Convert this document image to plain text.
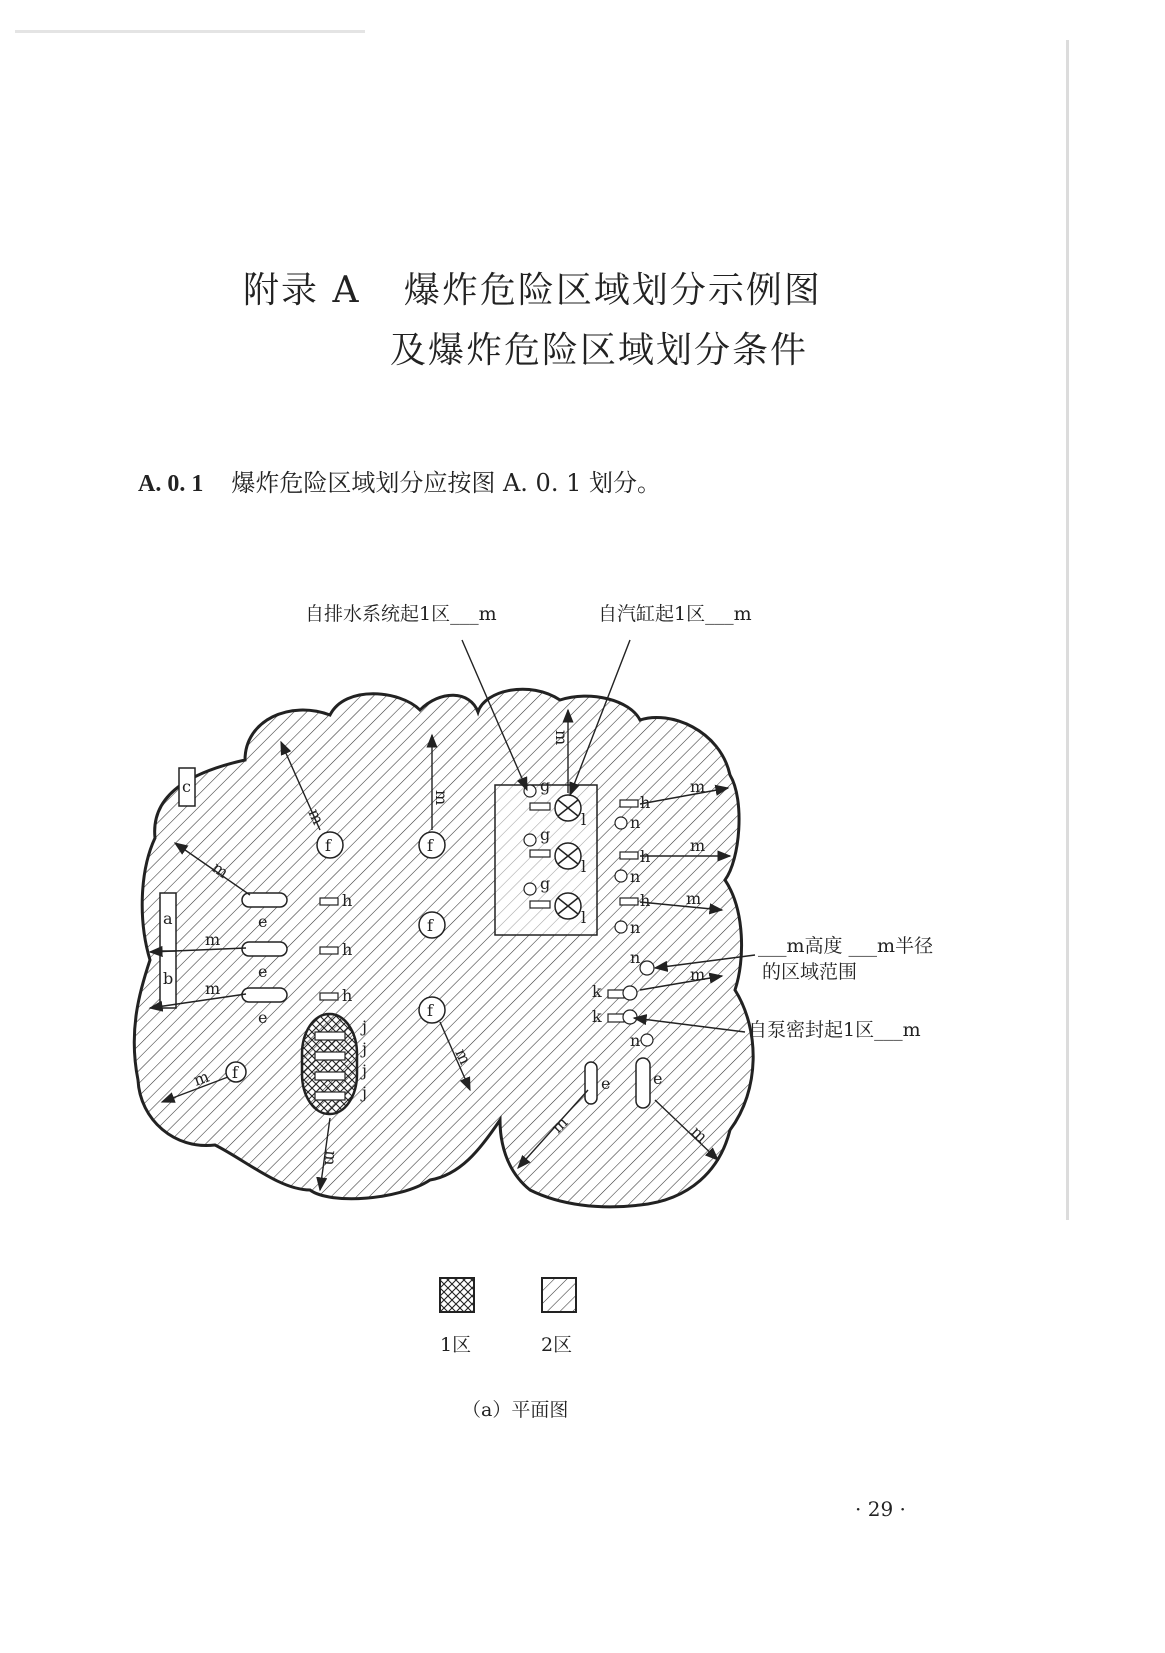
附录 A 爆炸危险区域划分示例图
及爆炸危险区域划分条件
A. 0. 1 爆炸危险区域划分应按图 A. 0. 1 划分。
m
m
m
m
m
m
m
m
m
m	m
m
m
m
m
a
b
c
e
e
e
e	e
f	f
f
f
f
g
g
g
h
h
h
h
h
h
j
j
j
j
k
k
l
l
l
n
n
n
n
n
自排水系统起1区___m	自汽缸起1区___m
___m高度 ___m半径
的区域范围
自泵密封起1区___m
1区	2区
（a）平面图
· 29 ·
